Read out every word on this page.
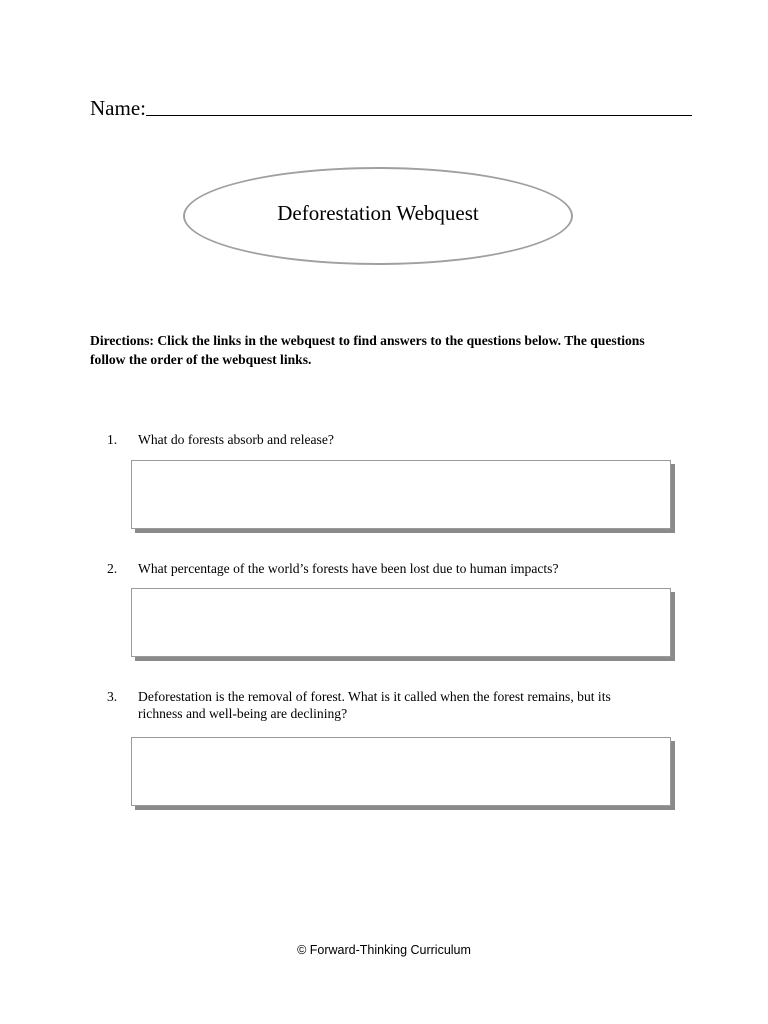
Name:
Deforestation Webquest
Directions: Click the links in the webquest to find answers to the questions below. The questions follow the order of the webquest links.
1.	What do forests absorb and release?
2.	What percentage of the world’s forests have been lost due to human impacts?
3.	Deforestation is the removal of forest. What is it called when the forest remains, but its richness and well-being are declining?
© Forward-Thinking Curriculum
